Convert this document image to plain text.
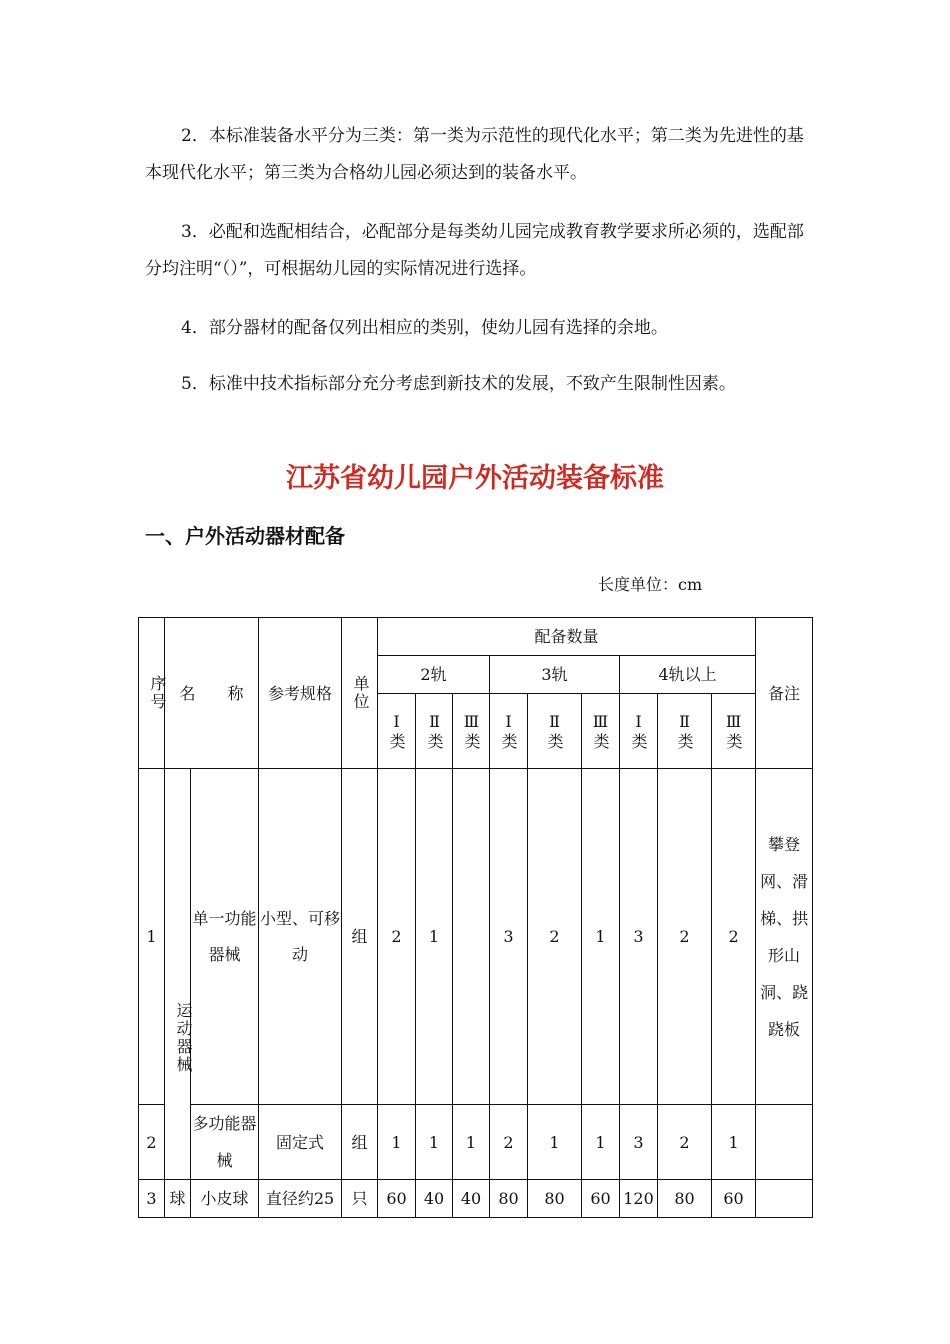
2．本标准装备水平分为三类：第一类为示范性的现代化水平；第二类为先进性的基本现代化水平；第三类为合格幼儿园必须达到的装备水平。

3．必配和选配相结合，必配部分是每类幼儿园完成教育教学要求所必须的，选配部分均注明“（）”，可根据幼儿园的实际情况进行选择。

4．部分器材的配备仅列出相应的类别，使幼儿园有选择的余地。

5．标准中技术指标部分充分考虑到新技术的发展，不致产生限制性因素。

江苏省幼儿园户外活动装备标准
一、户外活动器材配备

长度单位：cm

序号	名　　称		参考规格	单位	配备数量									备注
					2轨			3轨			4轨以上			

					Ⅰ类	Ⅱ类	Ⅲ类	Ⅰ类	Ⅱ类	Ⅲ类	Ⅰ类	Ⅱ类	Ⅲ类	

1	运动器械	单一功能器械	小型、可移动	组	2	1		3	2	1	3	2	2	攀登网、滑梯、拱形山洞、跷跷板
2		多功能器械	固定式	组	1	1	1	2	1	1	3	2	1	
3	球	小皮球	直径约25	只	60	40	40	80	80	60	120	80	60	
